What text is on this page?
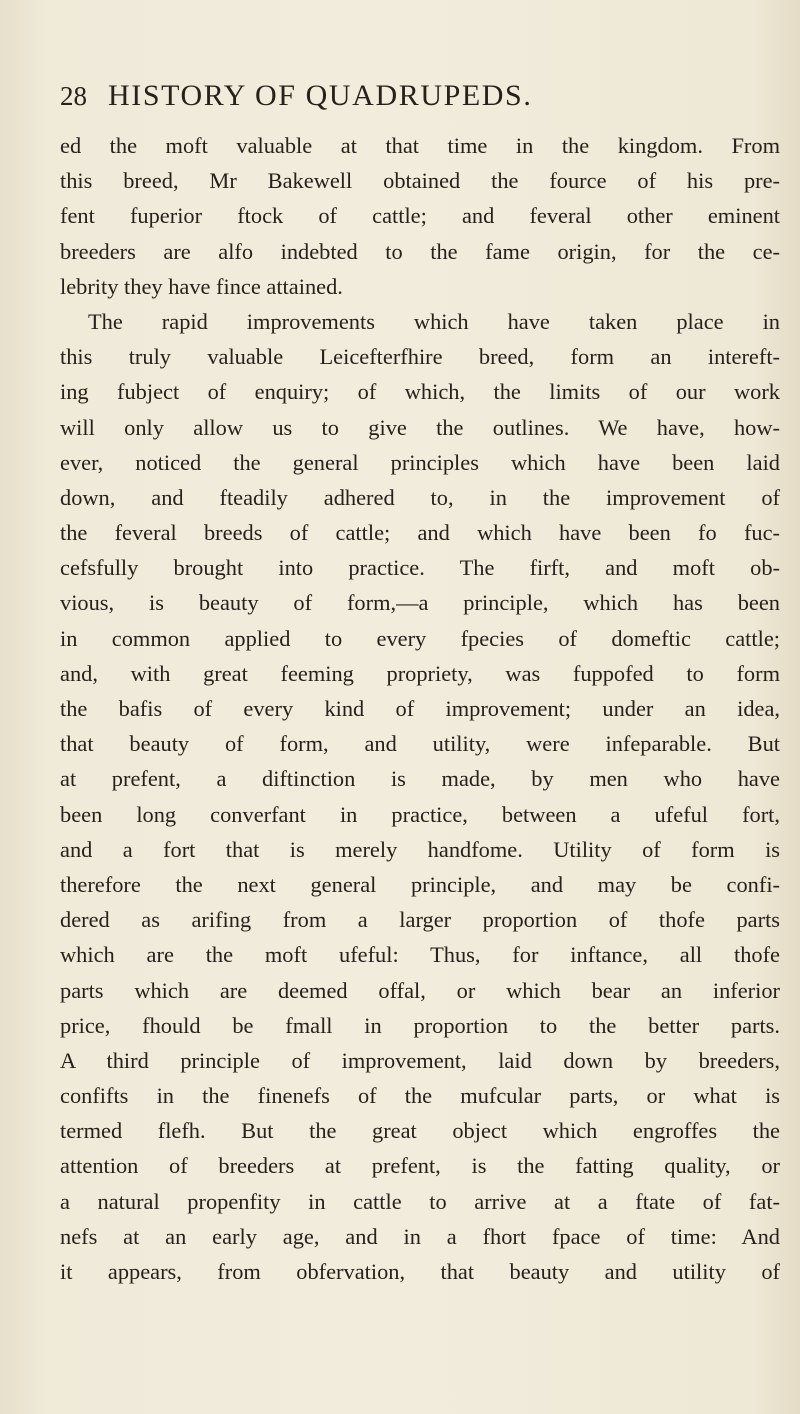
28 HISTORY OF QUADRUPEDS.
ed the moft valuable at that time in the kingdom. From
this breed, Mr Bakewell obtained the fource of his pre-
fent fuperior ftock of cattle; and feveral other eminent
breeders are alfo indebted to the fame origin, for the ce-
lebrity they have fince attained.
The rapid improvements which have taken place in
this truly valuable Leicefterfhire breed, form an intereft-
ing fubject of enquiry; of which, the limits of our work
will only allow us to give the outlines. We have, how-
ever, noticed the general principles which have been laid
down, and fteadily adhered to, in the improvement of
the feveral breeds of cattle; and which have been fo fuc-
cefsfully brought into practice. The firft, and moft ob-
vious, is beauty of form,—a principle, which has been
in common applied to every fpecies of domeftic cattle;
and, with great feeming propriety, was fuppofed to form
the bafis of every kind of improvement; under an idea,
that beauty of form, and utility, were infeparable. But
at prefent, a diftinction is made, by men who have
been long converfant in practice, between a ufeful fort,
and a fort that is merely handfome. Utility of form is
therefore the next general principle, and may be confi-
dered as arifing from a larger proportion of thofe parts
which are the moft ufeful: Thus, for inftance, all thofe
parts which are deemed offal, or which bear an inferior
price, fhould be fmall in proportion to the better parts.
A third principle of improvement, laid down by breeders,
confifts in the finenefs of the mufcular parts, or what is
termed flefh. But the great object which engroffes the
attention of breeders at prefent, is the fatting quality, or
a natural propenfity in cattle to arrive at a ftate of fat-
nefs at an early age, and in a fhort fpace of time: And
it appears, from obfervation, that beauty and utility of
